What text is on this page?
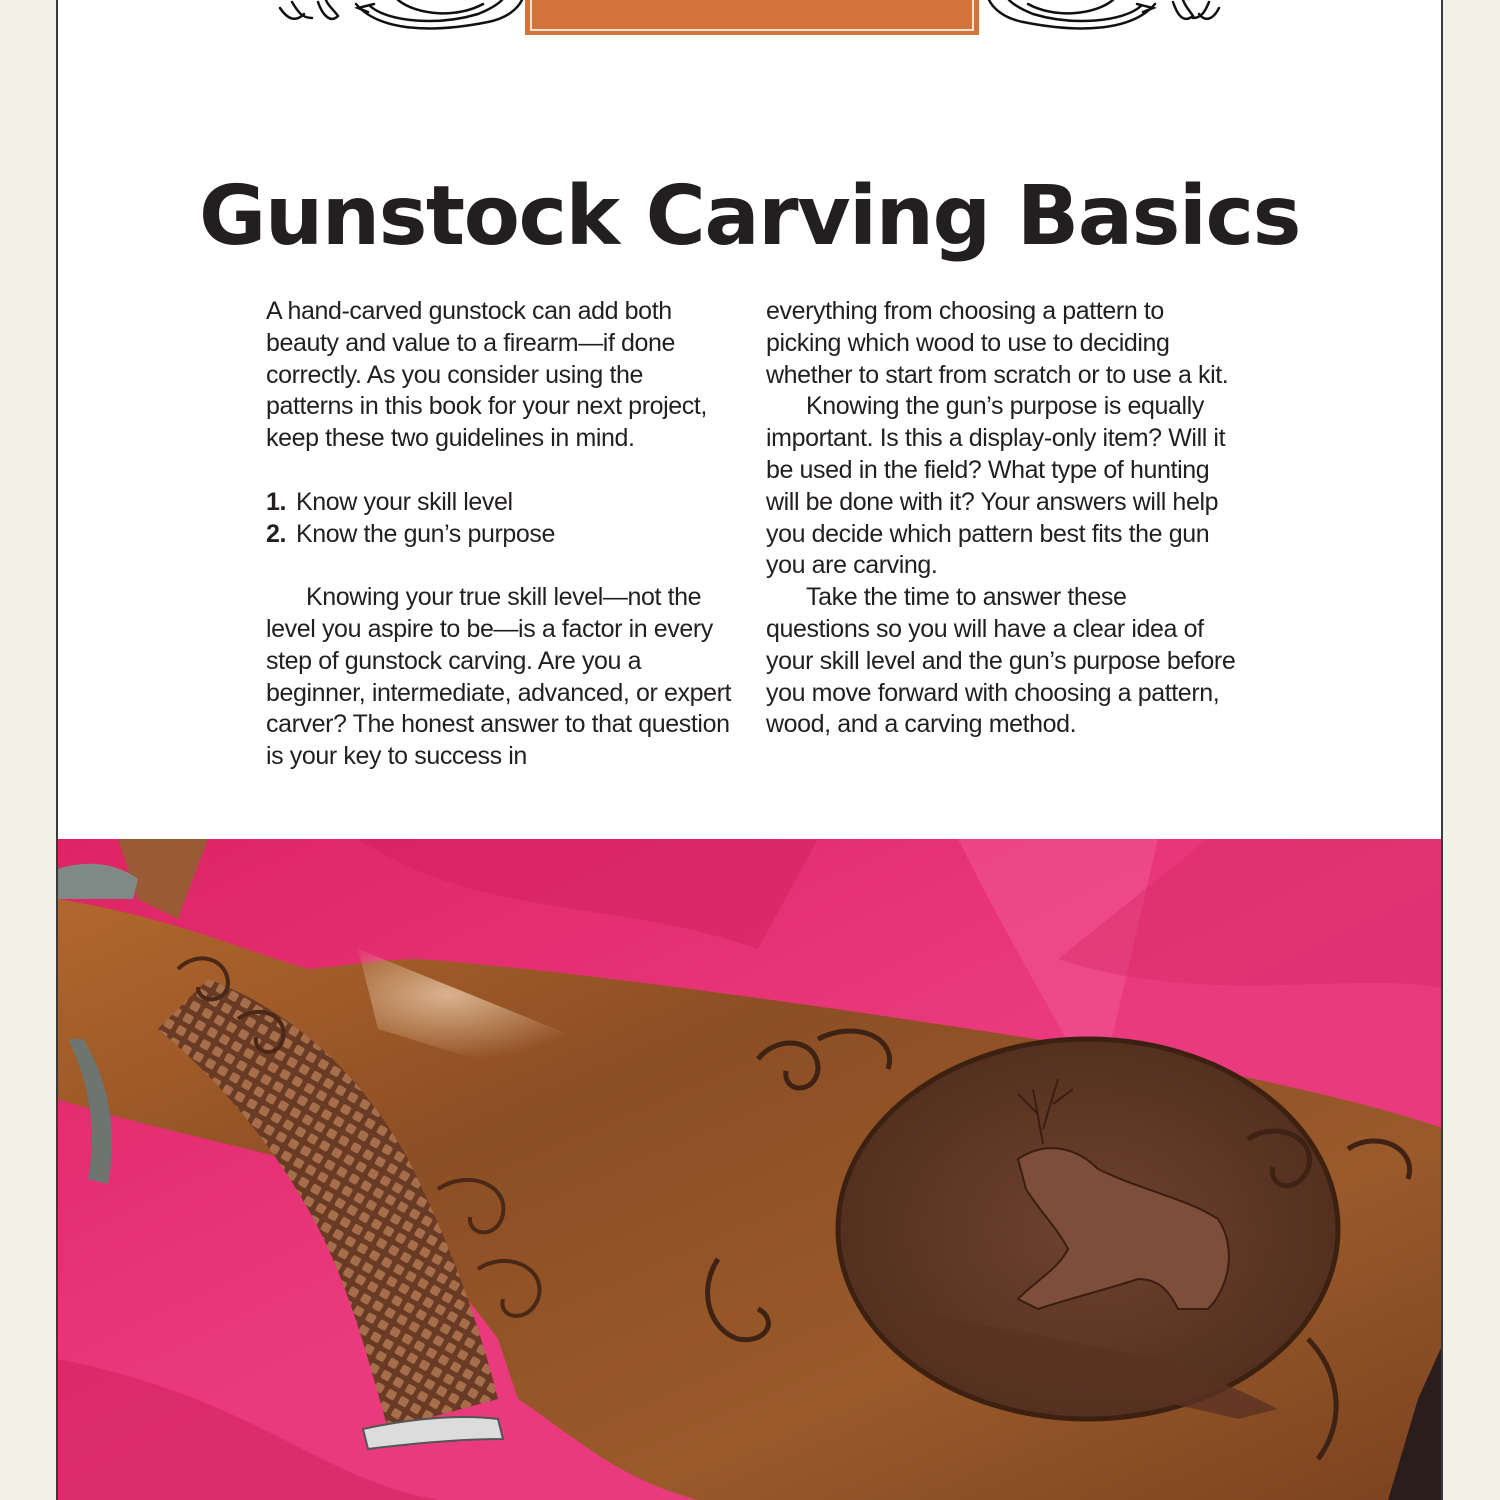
Gunstock Carving Basics

A hand-carved gunstock can add both beauty and value to a firearm—if done correctly. As you consider using the patterns in this book for your next project, keep these two guidelines in mind.

1. Know your skill level
2. Know the gun’s purpose

Knowing your true skill level—not the level you aspire to be—is a factor in every step of gunstock carving. Are you a beginner, intermediate, advanced, or expert carver? The honest answer to that question is your key to success in

everything from choosing a pattern to picking which wood to use to deciding whether to start from scratch or to use a kit.

Knowing the gun’s purpose is equally important. Is this a display-only item? Will it be used in the field? What type of hunting will be done with it? Your answers will help you decide which pattern best fits the gun you are carving.

Take the time to answer these questions so you will have a clear idea of your skill level and the gun’s purpose before you move forward with choosing a pattern, wood, and a carving method.
